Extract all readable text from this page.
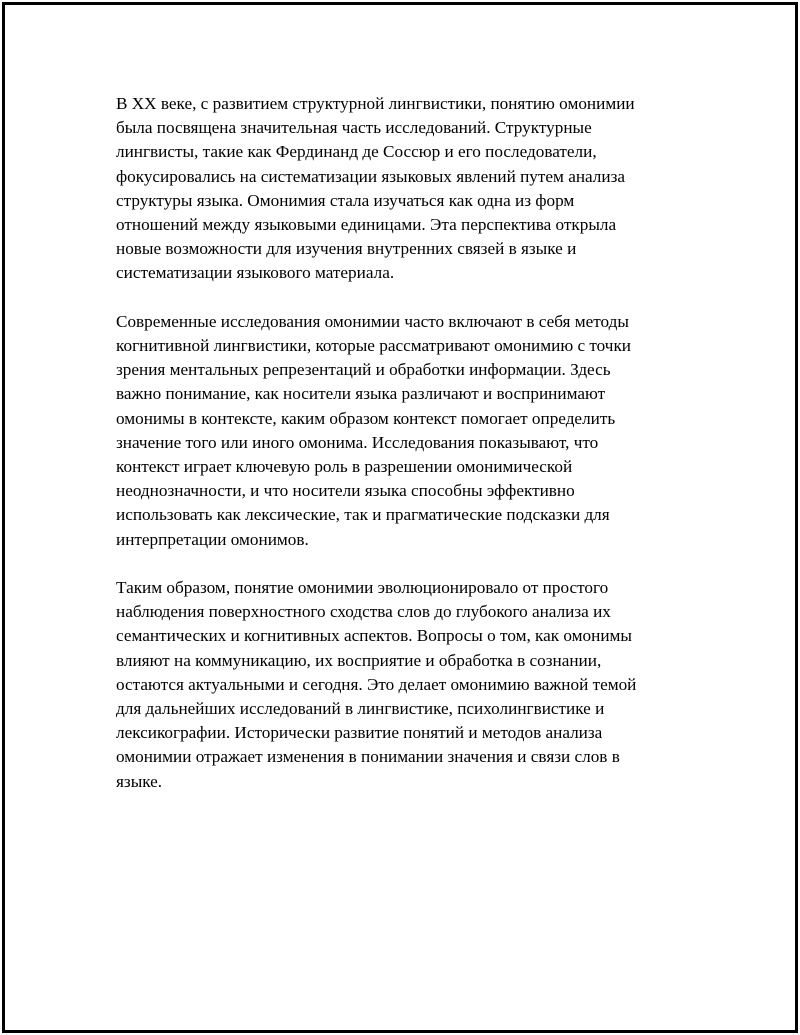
В XX веке, с развитием структурной лингвистики, понятию омонимии
была посвящена значительная часть исследований. Структурные
лингвисты, такие как Фердинанд де Соссюр и его последователи,
фокусировались на систематизации языковых явлений путем анализа
структуры языка. Омонимия стала изучаться как одна из форм
отношений между языковыми единицами. Эта перспектива открыла
новые возможности для изучения внутренних связей в языке и
систематизации языкового материала.

Современные исследования омонимии часто включают в себя методы
когнитивной лингвистики, которые рассматривают омонимию с точки
зрения ментальных репрезентаций и обработки информации. Здесь
важно понимание, как носители языка различают и воспринимают
омонимы в контексте, каким образом контекст помогает определить
значение того или иного омонима. Исследования показывают, что
контекст играет ключевую роль в разрешении омонимической
неоднозначности, и что носители языка способны эффективно
использовать как лексические, так и прагматические подсказки для
интерпретации омонимов.

Таким образом, понятие омонимии эволюционировало от простого
наблюдения поверхностного сходства слов до глубокого анализа их
семантических и когнитивных аспектов. Вопросы о том, как омонимы
влияют на коммуникацию, их восприятие и обработка в сознании,
остаются актуальными и сегодня. Это делает омонимию важной темой
для дальнейших исследований в лингвистике, психолингвистике и
лексикографии. Исторически развитие понятий и методов анализа
омонимии отражает изменения в понимании значения и связи слов в
языке.
